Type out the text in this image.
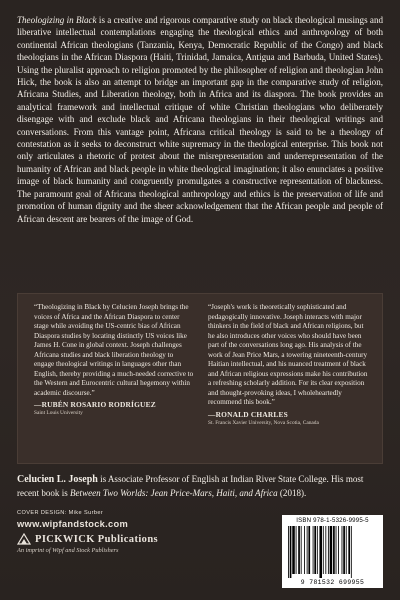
Theologizing in Black is a creative and rigorous comparative study on black theological musings and liberative intellectual contemplations engaging the theological ethics and anthropology of both continental African theologians (Tanzania, Kenya, Democratic Republic of the Congo) and black theologians in the African Diaspora (Haiti, Trinidad, Jamaica, Antigua and Barbuda, United States). Using the pluralist approach to religion promoted by the philosopher of religion and theologian John Hick, the book is also an attempt to bridge an important gap in the comparative study of religion, Africana Studies, and Liberation theology, both in Africa and its diaspora. The book provides an analytical framework and intellectual critique of white Christian theologians who deliberately disengage with and exclude black and Africana theologians in their theological writings and conversations. From this vantage point, Africana critical theology is said to be a theology of contestation as it seeks to deconstruct white supremacy in the theological enterprise. This book not only articulates a rhetoric of protest about the misrepresentation and underrepresentation of the humanity of African and black people in white theological imagination; it also enunciates a positive image of black humanity and congruently promulgates a constructive representation of blackness. The paramount goal of Africana theological anthropology and ethics is the preservation of life and promotion of human dignity and the sheer acknowledgement that the African people and people of African descent are bearers of the image of God.

“Theologizing in Black by Celucien Joseph brings the voices of Africa and the African Diaspora to center stage while avoiding the US-centric bias of African Diaspora studies by locating distinctly US voices like James H. Cone in global context. Joseph challenges Africana studies and black liberation theology to engage theological writings in languages other than English, thereby providing a much-needed corrective to the Western and Eurocentric cultural hegemony within academic discourse.”
—RUBÉN ROSARIO RODRÍGUEZ
Saint Louis University
“Joseph's work is theoretically sophisticated and pedagogically innovative. Joseph interacts with major thinkers in the field of black and African religions, but he also introduces other voices who should have been part of the conversations long ago. His analysis of the work of Jean Price Mars, a towering nineteenth-century Haitian intellectual, and his nuanced treatment of black and African religious expressions make his contribution a refreshing scholarly addition. For its clear exposition and thought-provoking ideas, I wholeheartedly recommend this book.”
—RONALD CHARLES
St. Francis Xavier University, Nova Scotia, Canada

Celucien L. Joseph is Associate Professor of English at Indian River State College. His most recent book is Between Two Worlds: Jean Price-Mars, Haiti, and Africa (2018).

COVER DESIGN: Mike Surber
www.wipfandstock.com
PICKWICK Publications
An imprint of Wipf and Stock Publishers
ISBN 978-1-5326-9995-5
9 781532 699955
